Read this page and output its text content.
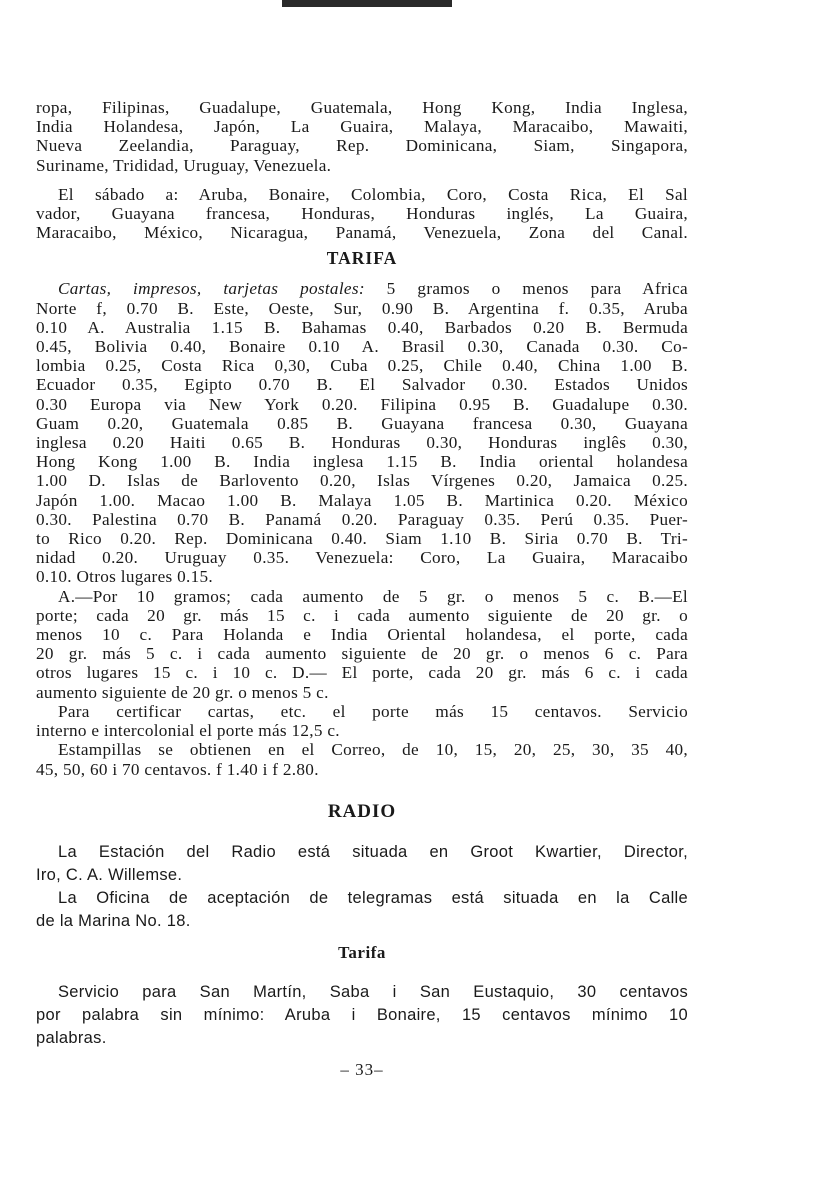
ropa, Filipinas, Guadalupe, Guatemala, Hong Kong, India Inglesa,
India Holandesa, Japón, La Guaira, Malaya, Maracaibo, Mawaiti,
Nueva Zeelandia, Paraguay, Rep. Dominicana, Siam, Singapora,
Suriname, Trididad, Uruguay, Venezuela.
El sábado a: Aruba, Bonaire, Colombia, Coro, Costa Rica, El Sal
vador, Guayana francesa, Honduras, Honduras inglés, La Guaira,
Maracaibo, México, Nicaragua, Panamá, Venezuela, Zona del Canal.
TARIFA
Cartas, impresos, tarjetas postales: 5 gramos o menos para Africa
Norte f, 0.70 B. Este, Oeste, Sur, 0.90 B. Argentina f. 0.35, Aruba
0.10 A. Australia 1.15 B. Bahamas 0.40, Barbados 0.20 B. Bermuda
0.45, Bolivia 0.40, Bonaire 0.10 A. Brasil 0.30, Canada 0.30. Co-
lombia 0.25, Costa Rica 0,30, Cuba 0.25, Chile 0.40, China 1.00 B.
Ecuador 0.35, Egipto 0.70 B. El Salvador 0.30. Estados Unidos
0.30 Europa via New York 0.20. Filipina 0.95 B. Guadalupe 0.30.
Guam 0.20, Guatemala 0.85 B. Guayana francesa 0.30, Guayana
inglesa 0.20 Haiti 0.65 B. Honduras 0.30, Honduras inglês 0.30,
Hong Kong 1.00 B. India inglesa 1.15 B. India oriental holandesa
1.00 D. Islas de Barlovento 0.20, Islas Vírgenes 0.20, Jamaica 0.25.
Japón 1.00. Macao 1.00 B. Malaya 1.05 B. Martinica 0.20. México
0.30. Palestina 0.70 B. Panamá 0.20. Paraguay 0.35. Perú 0.35. Puer-
to Rico 0.20. Rep. Dominicana 0.40. Siam 1.10 B. Siria 0.70 B. Tri-
nidad 0.20. Uruguay 0.35. Venezuela: Coro, La Guaira, Maracaibo
0.10. Otros lugares 0.15.
A.—Por 10 gramos; cada aumento de 5 gr. o menos 5 c. B.—El
porte; cada 20 gr. más 15 c. i cada aumento siguiente de 20 gr. o
menos 10 c. Para Holanda e India Oriental holandesa, el porte, cada
20 gr. más 5 c. i cada aumento siguiente de 20 gr. o menos 6 c. Para
otros lugares 15 c. i 10 c. D.— El porte, cada 20 gr. más 6 c. i cada
aumento siguiente de 20 gr. o menos 5 c.
Para certificar cartas, etc. el porte más 15 centavos. Servicio
interno e intercolonial el porte más 12,5 c.
Estampillas se obtienen en el Correo, de 10, 15, 20, 25, 30, 35 40,
45, 50, 60 i 70 centavos. f 1.40 i f 2.80.
RADIO
La Estación del Radio está situada en Groot Kwartier, Director,
Iro, C. A. Willemse.
La Oficina de aceptación de telegramas está situada en la Calle
de la Marina No. 18.
Tarifa
Servicio para San Martín, Saba i San Eustaquio, 30 centavos
por palabra sin mínimo: Aruba i Bonaire, 15 centavos mínimo 10
palabras.
– 33–
